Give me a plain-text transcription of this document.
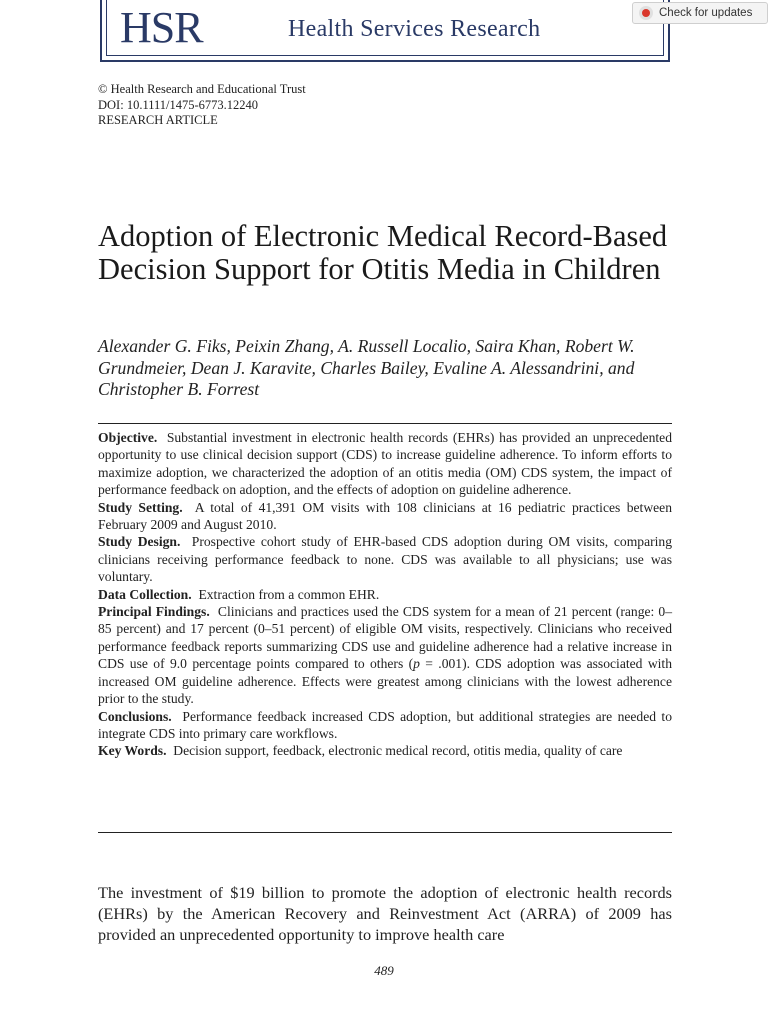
HSR	Health Services Research
Check for updates
© Health Research and Educational Trust
DOI: 10.1111/1475-6773.12240
RESEARCH ARTICLE
Adoption of Electronic Medical Record-Based Decision Support for Otitis Media in Children
Alexander G. Fiks, Peixin Zhang, A. Russell Localio, Saira Khan, Robert W. Grundmeier, Dean J. Karavite, Charles Bailey, Evaline A. Alessandrini, and Christopher B. Forrest

Objective. Substantial investment in electronic health records (EHRs) has provided an unprecedented opportunity to use clinical decision support (CDS) to increase guideline adherence. To inform efforts to maximize adoption, we characterized the adoption of an otitis media (OM) CDS system, the impact of performance feedback on adoption, and the effects of adoption on guideline adherence.

Study Setting. A total of 41,391 OM visits with 108 clinicians at 16 pediatric practices between February 2009 and August 2010.

Study Design. Prospective cohort study of EHR-based CDS adoption during OM visits, comparing clinicians receiving performance feedback to none. CDS was available to all physicians; use was voluntary.

Data Collection. Extraction from a common EHR.

Principal Findings. Clinicians and practices used the CDS system for a mean of 21 percent (range: 0–85 percent) and 17 percent (0–51 percent) of eligible OM visits, respectively. Clinicians who received performance feedback reports summarizing CDS use and guideline adherence had a relative increase in CDS use of 9.0 percentage points compared to others (p = .001). CDS adoption was associated with increased OM guideline adherence. Effects were greatest among clinicians with the lowest adherence prior to the study.

Conclusions. Performance feedback increased CDS adoption, but additional strategies are needed to integrate CDS into primary care workflows.

Key Words. Decision support, feedback, electronic medical record, otitis media, quality of care

The investment of $19 billion to promote the adoption of electronic health records (EHRs) by the American Recovery and Reinvestment Act (ARRA) of 2009 has provided an unprecedented opportunity to improve health care

489
